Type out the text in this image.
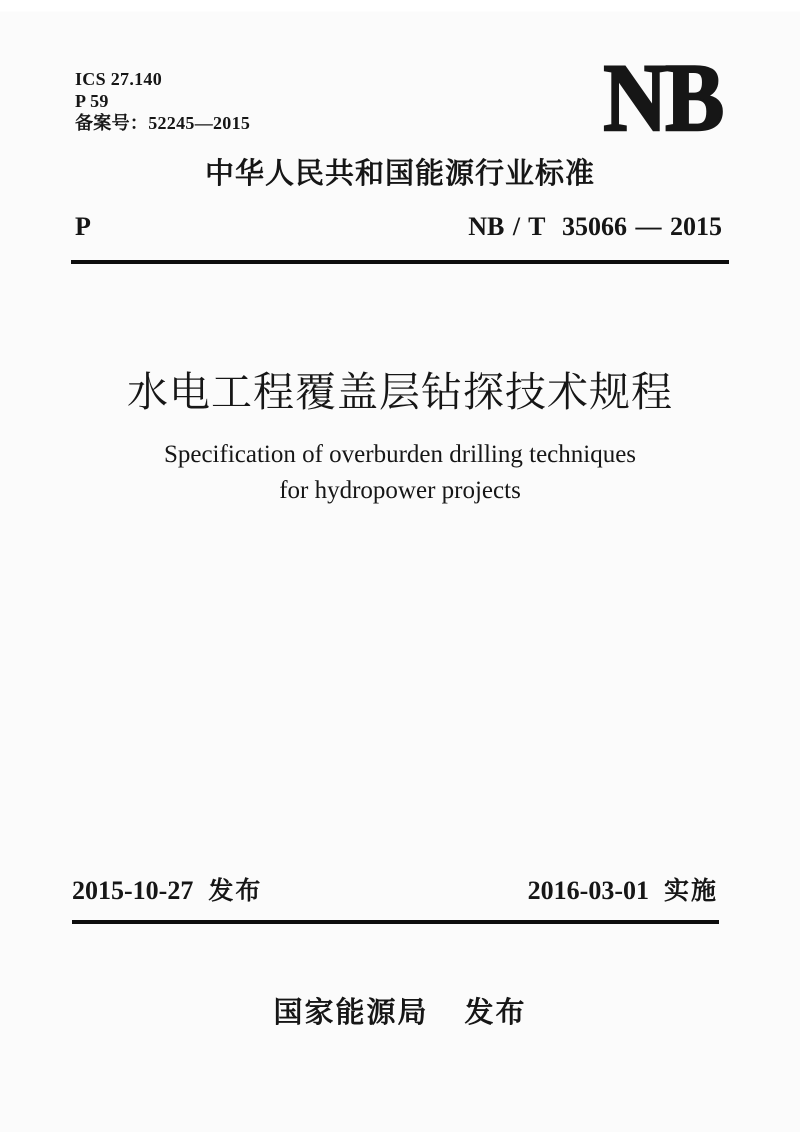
ICS 27.140
P 59
备案号：52245—2015	NB
中华人民共和国能源行业标准
P	NB / T  35066 — 2015
水电工程覆盖层钻探技术规程
Specification of overburden drilling techniques
for hydropower projects
2015-10-27 发布	2016-03-01 实施
国家能源局 发布
